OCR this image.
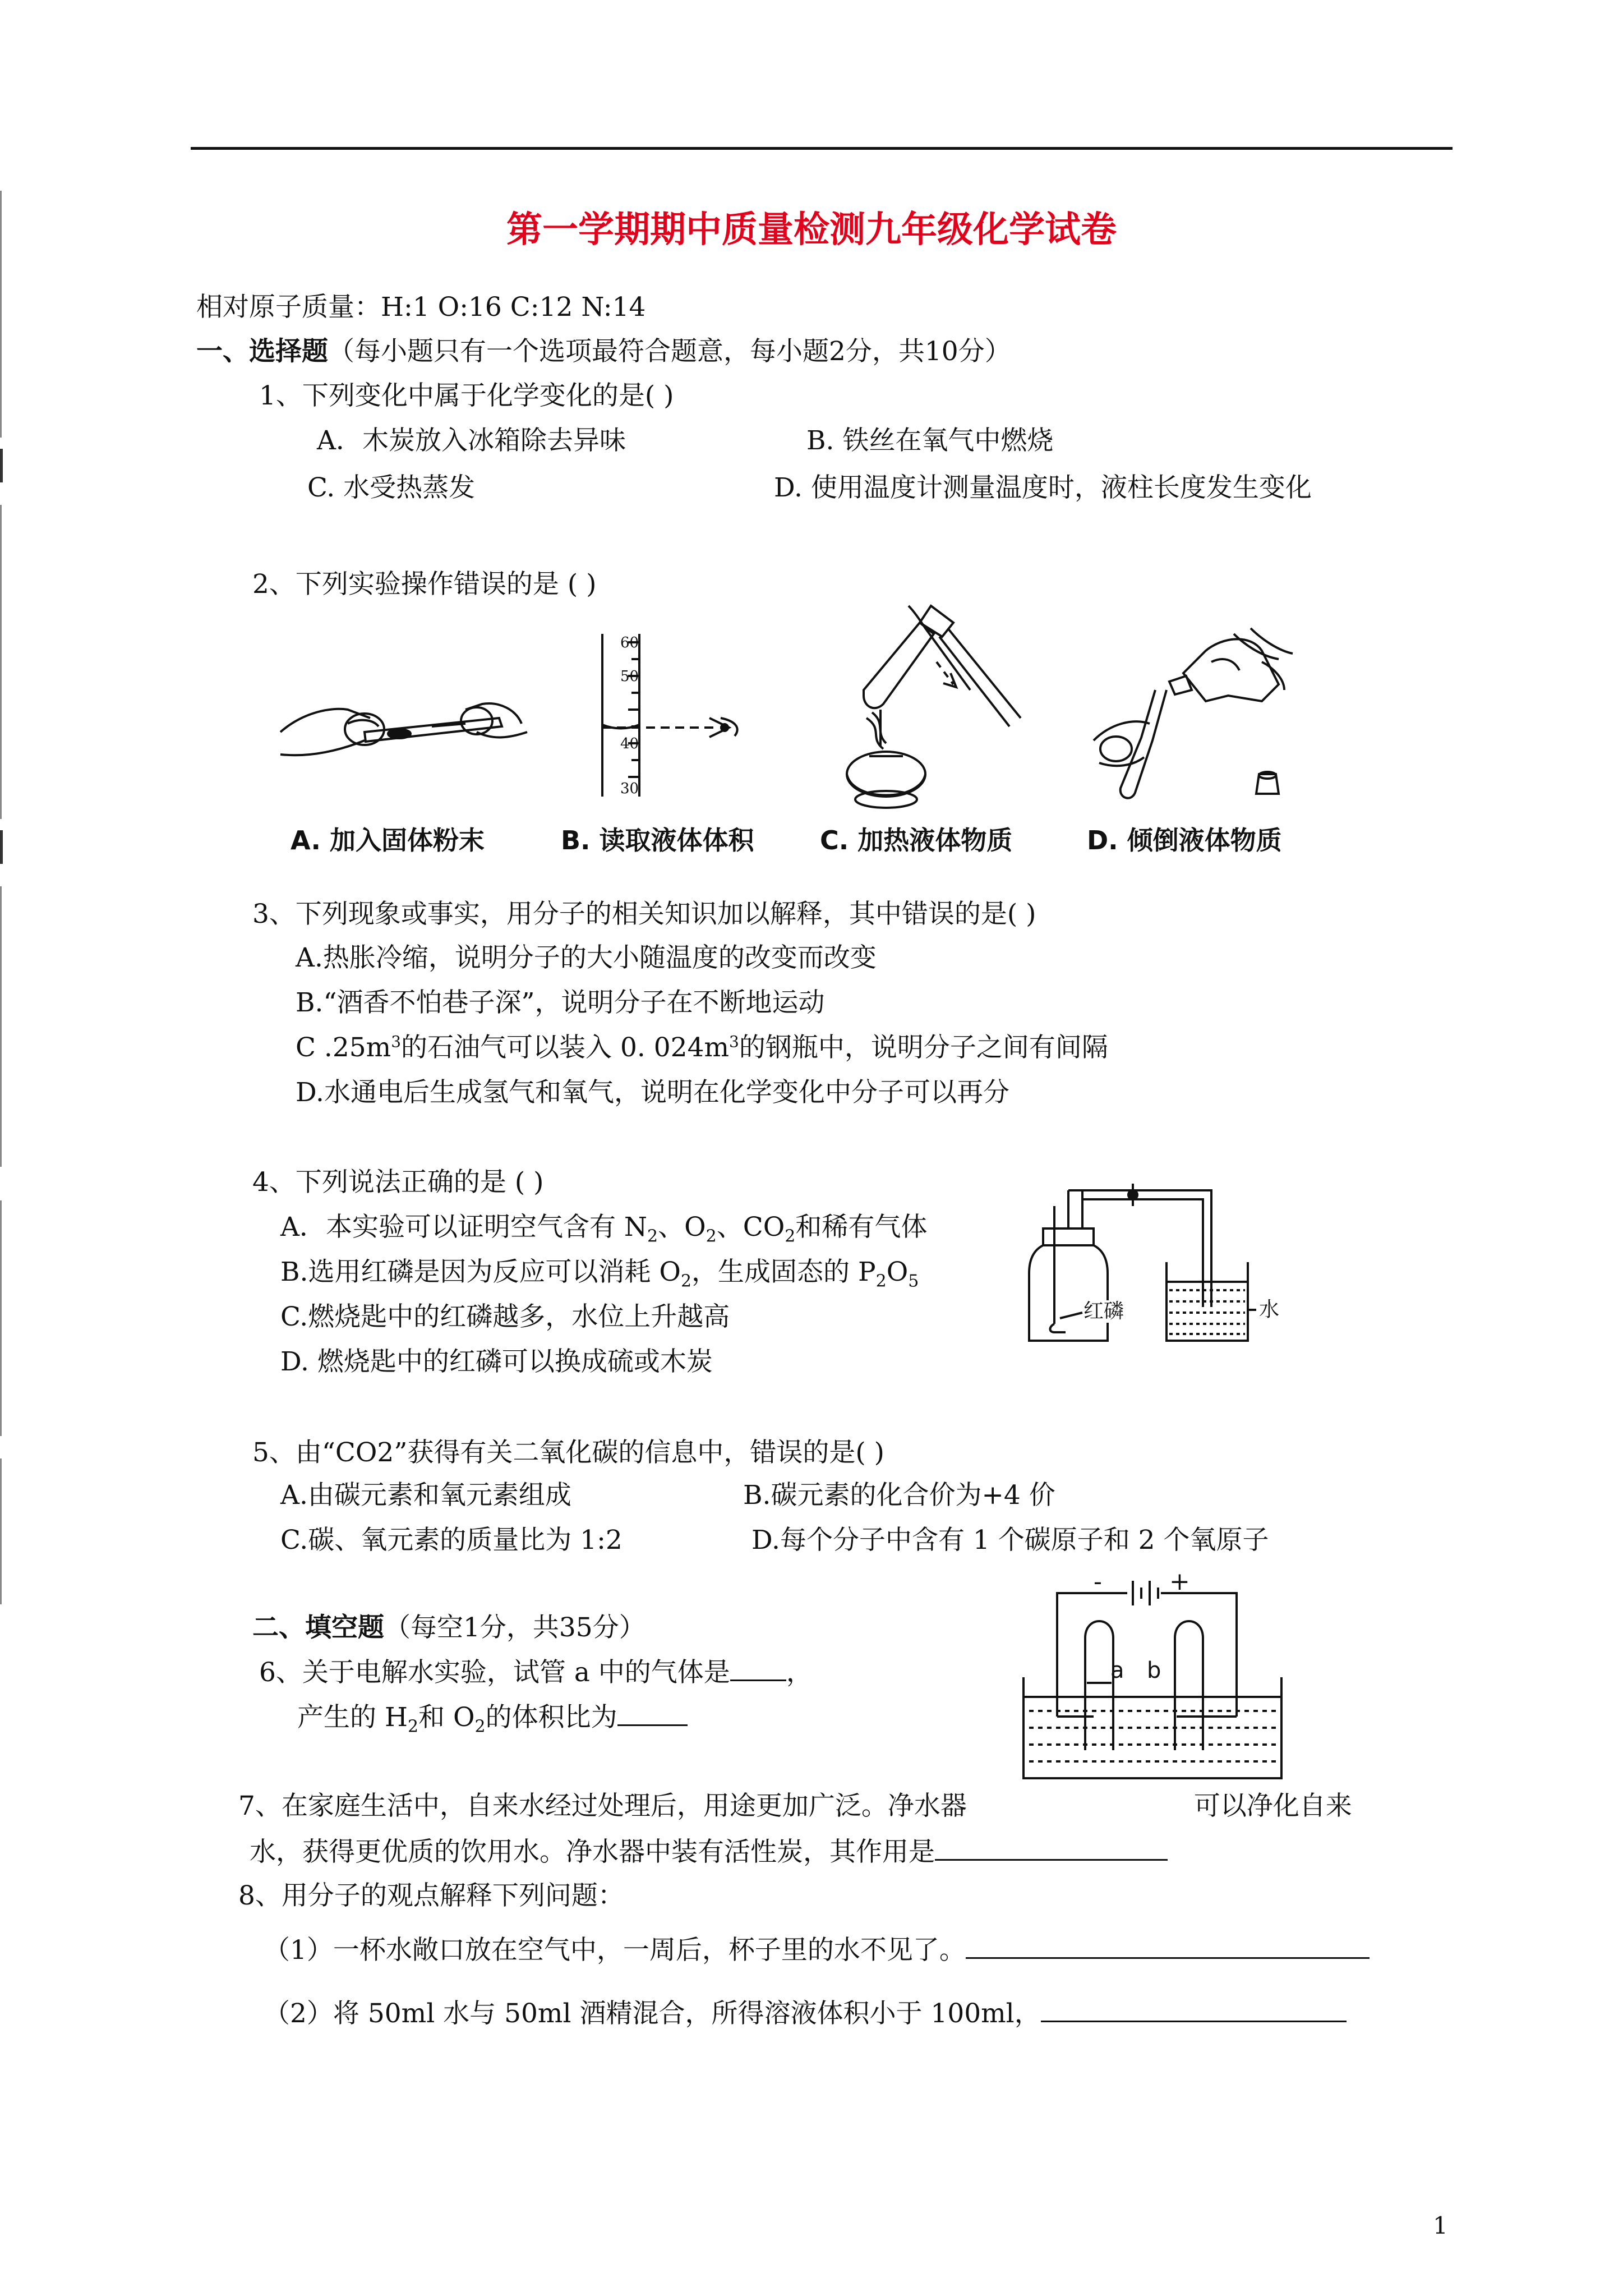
第一学期期中质量检测九年级化学试卷
相对原子质量：H:1 O:16 C:12 N:14
一、选择题（每小题只有一个选项最符合题意，每小题2分，共10分）
1、下列变化中属于化学变化的是( )
A．木炭放入冰箱除去异味	B. 铁丝在氧气中燃烧
C. 水受热蒸发	D. 使用温度计测量温度时，液柱长度发生变化
2、下列实验操作错误的是 ( )
A. 加入固体粉末
60
50
40
30
B. 读取液体体积	C. 加热液体物质	D. 倾倒液体物质
3、下列现象或事实，用分子的相关知识加以解释，其中错误的是( )
A.热胀冷缩，说明分子的大小随温度的改变而改变
B.“酒香不怕巷子深”，说明分子在不断地运动
C $.25m^3$的石油气可以装入 0. $024m^3$的钢瓶中，说明分子之间有间隔
D.水通电后生成氢气和氧气，说明在化学变化中分子可以再分
4、下列说法正确的是 ( )
A．本实验可以证明空气含有 $N_2$、$O_2$、$CO_2$和稀有气体
B.选用红磷是因为反应可以消耗 $O_2$，生成固态的 $P_2O_5$
C.燃烧匙中的红磷越多，水位上升越高
D. 燃烧匙中的红磷可以换成硫或木炭
红磷	水
5、由“CO2”获得有关二氧化碳的信息中，错误的是( )
A.由碳元素和氧元素组成	B.碳元素的化合价为+4 价
C.碳、氧元素的质量比为 1:2	D.每个分子中含有 1 个碳原子和 2 个氧原子
二、填空题（每空1分，共35分）
6、关于电解水实验，试管 a 中的气体是 ，
产生的 $H_2$和 $O_2$的体积比为
-	+
a b
7、在家庭生活中，自来水经过处理后，用途更加广泛。净水器	可以净化自来
水，获得更优质的饮用水。净水器中装有活性炭，其作用是
8、用分子的观点解释下列问题：
（1）一杯水敞口放在空气中，一周后，杯子里的水不见了。
（2）将 50ml 水与 50ml 酒精混合，所得溶液体积小于 100ml，
1
